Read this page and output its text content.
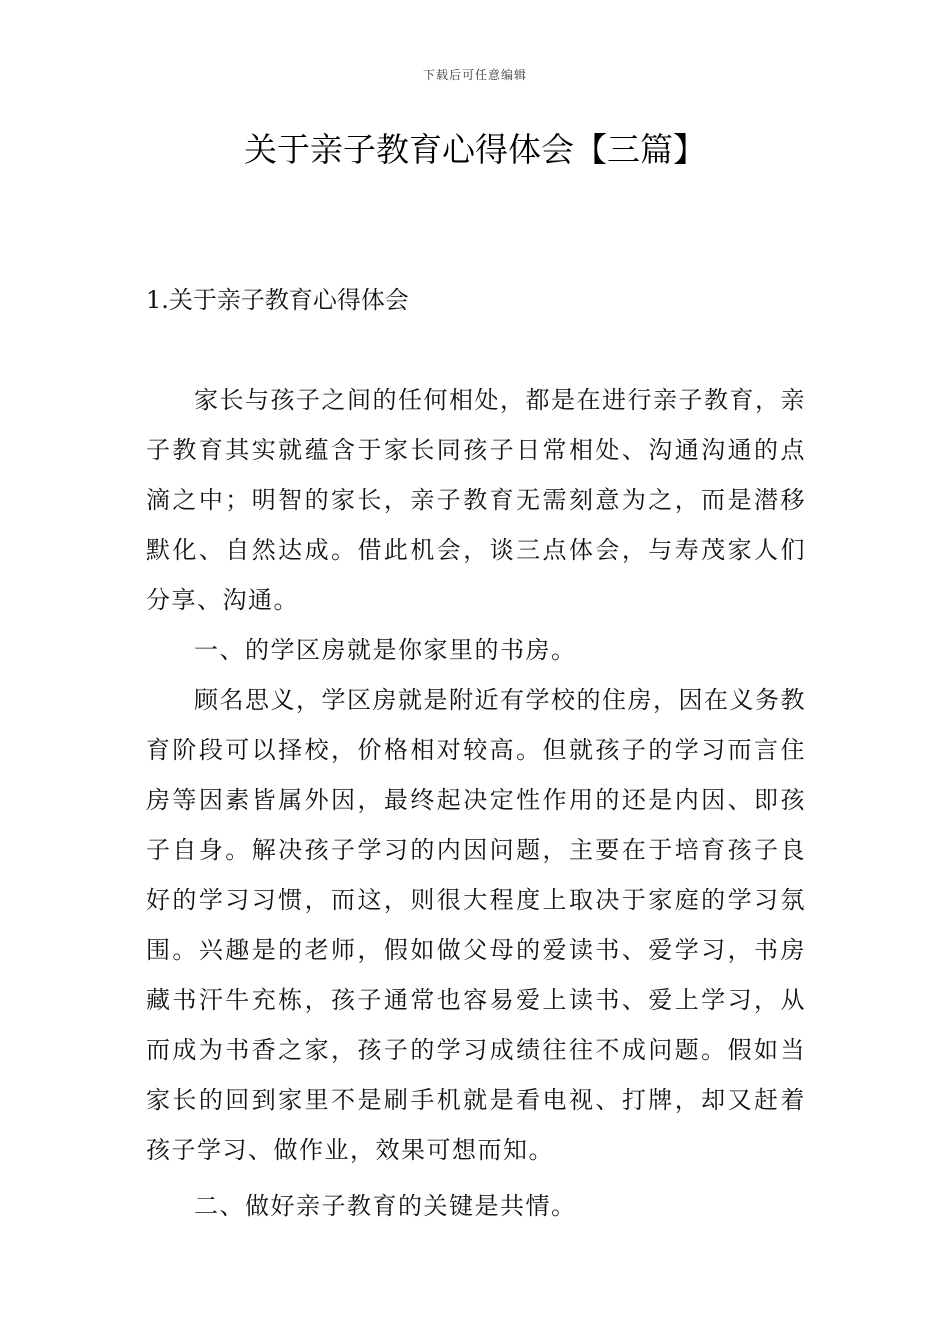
下载后可任意编辑
关于亲子教育心得体会【三篇】
1.关于亲子教育心得体会

家长与孩子之间的任何相处，都是在进行亲子教育，亲子教育其实就蕴含于家长同孩子日常相处、沟通沟通的点滴之中；明智的家长，亲子教育无需刻意为之，而是潜移默化、自然达成。借此机会，谈三点体会，与寿茂家人们分享、沟通。

一、的学区房就是你家里的书房。

顾名思义，学区房就是附近有学校的住房，因在义务教育阶段可以择校，价格相对较高。但就孩子的学习而言住房等因素皆属外因，最终起决定性作用的还是内因、即孩子自身。解决孩子学习的内因问题，主要在于培育孩子良好的学习习惯，而这，则很大程度上取决于家庭的学习氛围。兴趣是的老师，假如做父母的爱读书、爱学习，书房藏书汗牛充栋，孩子通常也容易爱上读书、爱上学习，从而成为书香之家，孩子的学习成绩往往不成问题。假如当家长的回到家里不是刷手机就是看电视、打牌，却又赶着孩子学习、做作业，效果可想而知。

二、做好亲子教育的关键是共情。
